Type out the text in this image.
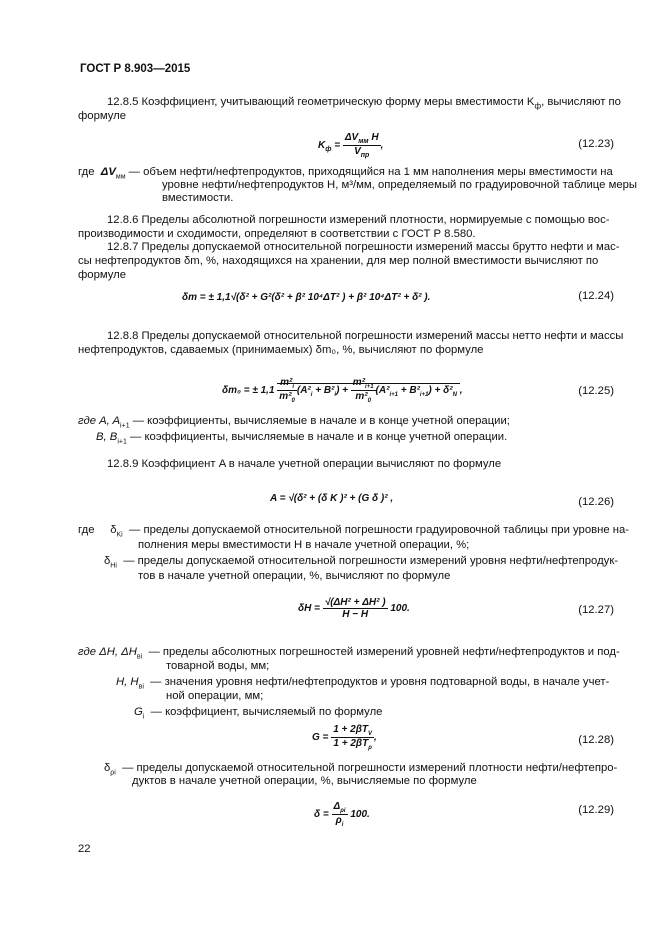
ГОСТ Р 8.903—2015
12.8.5 Коэффициент, учитывающий геометрическую форму меры вместимости $K_ф$, вычисляют по
формуле
$K_ф = \frac{\Delta V_{мм} H}{V_{пр}}$ ,	(12.23)
где $\Delta V_{мм}$ — объем нефти/нефтепродуктов, приходящийся на 1 мм наполнения меры вместимости на
уровне нефти/нефтепродуктов H, м³/мм, определяемый по градуировочной таблице меры
вместимости.
12.8.6 Пределы абсолютной погрешности измерений плотности, нормируемые с помощью вос-
производимости и сходимости, определяют в соответствии с ГОСТ Р 8.580.
12.8.7 Пределы допускаемой относительной погрешности измерений массы брутто нефти и мас-
сы нефтепродуктов δm, %, находящихся на хранении, для мер полной вместимости вычисляют по
формуле
δm = ± 1,1√(δ² + G²(δ² + β² 10⁴ΔT² ) + β² 10⁴ΔT² + δ² ).	(12.24)
12.8.8 Пределы допускаемой относительной погрешности измерений массы нетто нефти и массы
нефтепродуктов, сдаваемых (принимаемых) δm₀, %, вычисляют по формуле
δm₀ = ± $1,1 \frac{m^2_i}{m^2_0} (A^2_i + B^2_i) + \frac{m^2_{i+1}}{m^2_0} (A^2_{i+1} + B^2_{i+1}) + \delta^2_N$ ,	(12.25)
где A, $A_{i+1}$ — коэффициенты, вычисляемые в начале и в конце учетной операции;
B, $B_{i+1}$ — коэффициенты, вычисляемые в начале и в конце учетной операции.
12.8.9 Коэффициент A в начале учетной операции вычисляют по формуле
A = √(δ² + (δ K )² + (G δ )² ,	(12.26)
где $\delta_{Ki}$ — пределы допускаемой относительной погрешности градуировочной таблицы при уровне на-
полнения меры вместимости H в начале учетной операции, %;
$\delta_{Hi}$ — пределы допускаемой относительной погрешности измерений уровня нефти/нефтепродук-
тов в начале учетной операции, %, вычисляют по формуле
$\delta H = \frac{\text{√(ΔH² + ΔH² )}}{H - H} 100$.	(12.27)
где ΔH, $\Delta H_{вi}$ — пределы абсолютных погрешностей измерений уровней нефти/нефтепродуктов и под-
товарной воды, мм;
H, $H_{вi}$ — значения уровня нефти/нефтепродуктов и уровня подтоварной воды, в начале учет-
ной операции, мм;
$G_i$ — коэффициент, вычисляемый по формуле
$G = \frac{1 + 2\beta T_V}{1 + 2\beta T_\rho}$ ,	(12.28)
$\delta_{\rho i}$ — пределы допускаемой относительной погрешности измерений плотности нефти/нефтепро-
дуктов в начале учетной операции, %, вычисляемые по формуле
$\delta = \frac{\Delta_{\rho i}}{\rho_i} 100$.	(12.29)
22
